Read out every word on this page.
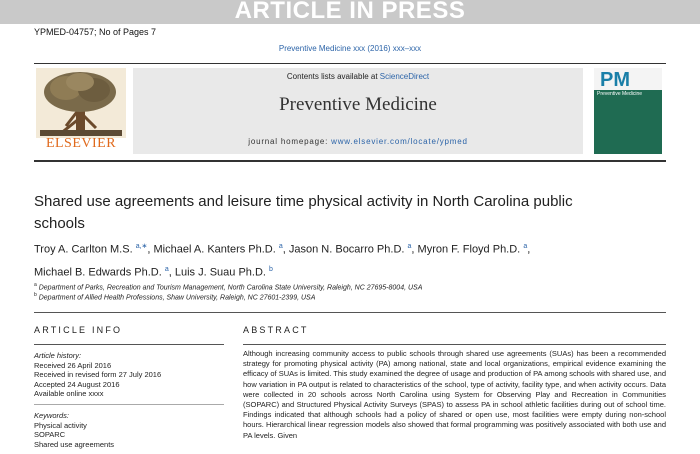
ARTICLE IN PRESS
YPMED-04757; No of Pages 7
Preventive Medicine xxx (2016) xxx–xxx
ELSEVIER
Contents lists available at ScienceDirect
Preventive Medicine
journal homepage: www.elsevier.com/locate/ypmed
PM
Preventive Medicine
Shared use agreements and leisure time physical activity in North Carolina public schools
Troy A. Carlton M.S. $^{a,∗}$, Michael A. Kanters Ph.D. $^a$, Jason N. Bocarro Ph.D. $^a$, Myron F. Floyd Ph.D. $^a$,
Michael B. Edwards Ph.D. $^a$, Luis J. Suau Ph.D. $^b$
$^a$ Department of Parks, Recreation and Tourism Management, North Carolina State University, Raleigh, NC 27695-8004, USA
$^b$ Department of Allied Health Professions, Shaw University, Raleigh, NC 27601-2399, USA
ARTICLE INFO	ABSTRACT
Article history:
Received 26 April 2016
Received in revised form 27 July 2016
Accepted 24 August 2016
Available online xxxx
Keywords:
Physical activity
SOPARC
Shared use agreements
Although increasing community access to public schools through shared use agreements (SUAs) has been a recommended strategy for promoting physical activity (PA) among national, state and local organizations, empirical evidence examining the efficacy of SUAs is limited. This study examined the degree of usage and production of PA among schools with shared use, and how variation in PA output is related to characteristics of the school, type of activity, facility type, and when activity occurs. Data were collected in 20 schools across North Carolina using System for Observing Play and Recreation in Communities (SOPARC) and Structured Physical Activity Surveys (SPAS) to assess PA in school athletic facilities during out of school time. Findings indicated that although schools had a policy of shared or open use, most facilities were empty during non-school hours. Hierarchical linear regression models also showed that formal programming was positively associated with both use and PA levels. Given
